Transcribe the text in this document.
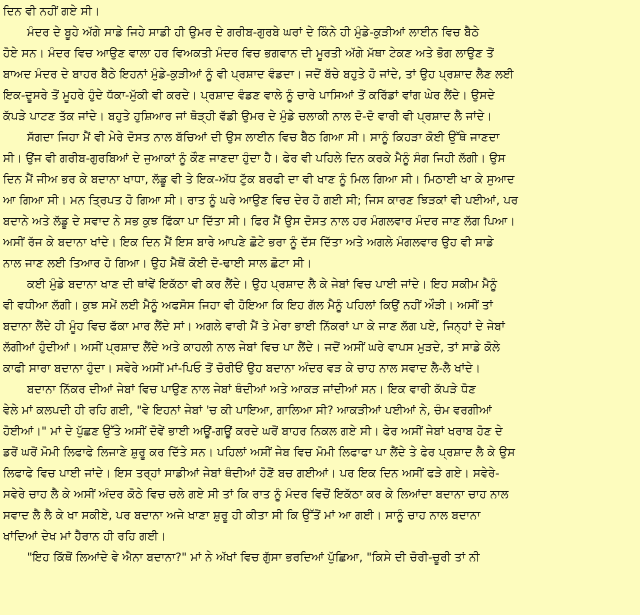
ਦਿਨ ਵੀ ਨਹੀਂ ਗਏ ਸੀ।
ਮੰਦਰ ਦੇ ਬੂਹੇ ਅੱਗੇ ਸਾਡੇ ਜਿਹੇ ਸਾਡੀ ਹੀ ਉਮਰ ਦੇ ਗਰੀਬ-ਗੁਰਬੇ ਘਰਾਂ ਦੇ ਕਿੰਨੇ ਹੀ ਮੁੰਡੇ-ਕੁੜੀਆਂ ਲਾਈਨ ਵਿਚ ਬੈਠੇ
ਹੋਏ ਸਨ। ਮੰਦਰ ਵਿਚ ਆਉਣ ਵਾਲਾ ਹਰ ਵਿਅਕਤੀ ਮੰਦਰ ਵਿਚ ਭਗਵਾਨ ਦੀ ਮੂਰਤੀ ਅੱਗੇ ਮੱਥਾ ਟੇਕਣ ਅਤੇ ਭੋਗ ਲਾਉਣ ਤੋਂ
ਬਾਅਦ ਮੰਦਰ ਦੇ ਬਾਹਰ ਬੈਠੇ ਇਹਨਾਂ ਮੁੰਡੇ-ਕੁੜੀਆਂ ਨੂੰ ਵੀ ਪ੍ਰਸ਼ਾਦ ਵੰਡਦਾ। ਜਦੋਂ ਬੱਚੇ ਬਹੁਤੇ ਹੋ ਜਾਂਦੇ, ਤਾਂ ਉਹ ਪ੍ਰਸ਼ਾਦ ਲੈਣ ਲਈ
ਇਕ-ਦੂਸਰੇ ਤੋਂ ਮੂਹਰੇ ਹੁੰਦੇ ਧੱਕਾ-ਮੁੱਕੀ ਵੀ ਕਰਦੇ। ਪ੍ਰਸ਼ਾਦ ਵੰਡਣ ਵਾਲੇ ਨੂੰ ਚਾਰੇ ਪਾਸਿਆਂ ਤੋਂ ਕਰਿੱਡਾਂ ਵਾਂਗ ਘੇਰ ਲੈਂਦੇ। ਉਸਦੇ
ਕੱਪੜੇ ਪਾਟਣ ਤੱਕ ਜਾਂਦੇ। ਬਹੁਤੇ ਹੁਸ਼ਿਆਰ ਜਾਂ ਥੋੜ੍ਹੀ ਵੱਡੀ ਉਮਰ ਦੇ ਮੁੰਡੇ ਚਲਾਕੀ ਨਾਲ ਦੋ-ਦੋ ਵਾਰੀ ਵੀ ਪ੍ਰਸ਼ਾਦ ਲੈ ਜਾਂਦੇ।
ਸੱਗਦਾ ਜਿਹਾ ਮੈਂ ਵੀ ਮੇਰੇ ਦੋਸਤ ਨਾਲ ਬੱਚਿਆਂ ਦੀ ਉਸ ਲਾਈਨ ਵਿਚ ਬੈਠ ਗਿਆ ਸੀ। ਸਾਨੂੰ ਕਿਹੜਾ ਕੋਈ ਉੱਥੇ ਜਾਣਦਾ
ਸੀ। ਉਂਜ ਵੀ ਗਰੀਬ-ਗੁਰਬਿਆਂ ਦੇ ਜੁਆਕਾਂ ਨੂੰ ਕੌਣ ਜਾਣਦਾ ਹੁੰਦਾ ਹੈ। ਫੇਰ ਵੀ ਪਹਿਲੇ ਦਿਨ ਕਰਕੇ ਮੈਨੂੰ ਸੰਗ ਜਿਹੀ ਲੱਗੀ। ਉਸ
ਦਿਨ ਮੈਂ ਜੀਅ ਭਰ ਕੇ ਬਦਾਨਾ ਖਾਧਾ, ਲੱਡੂ ਵੀ ਤੇ ਇਕ-ਅੱਧ ਟੁੱਕ ਬਰਫੀ ਦਾ ਵੀ ਖਾਣ ਨੂੰ ਮਿਲ ਗਿਆ ਸੀ। ਮਿਠਾਈ ਖਾ ਕੇ ਸੁਆਦ
ਆ ਗਿਆ ਸੀ। ਮਨ ਤ੍ਰਿਪਤ ਹੋ ਗਿਆ ਸੀ। ਰਾਤ ਨੂੰ ਘਰੇ ਆਉਣ ਵਿਚ ਦੇਰ ਹੋ ਗਈ ਸੀ; ਜਿਸ ਕਾਰਣ ਝਿੜਕਾਂ ਵੀ ਪਈਆਂ, ਪਰ
ਬਦਾਨੇ ਅਤੇ ਲੱਡੂ ਦੇ ਸਵਾਦ ਨੇ ਸਭ ਕੁਝ ਫਿੱਕਾ ਪਾ ਦਿੱਤਾ ਸੀ। ਫਿਰ ਮੈਂ ਉਸ ਦੋਸਤ ਨਾਲ ਹਰ ਮੰਗਲਵਾਰ ਮੰਦਰ ਜਾਣ ਲੱਗ ਪਿਆ।
ਅਸੀਂ ਰੱਜ ਕੇ ਬਦਾਨਾ ਖਾਂਦੇ। ਇਕ ਦਿਨ ਮੈਂ ਇਸ ਬਾਰੇ ਆਪਣੇ ਛੋਟੇ ਭਰਾ ਨੂੰ ਦੱਸ ਦਿੱਤਾ ਅਤੇ ਅਗਲੇ ਮੰਗਲਵਾਰ ਉਹ ਵੀ ਸਾਡੇ
ਨਾਲ ਜਾਣ ਲਈ ਤਿਆਰ ਹੋ ਗਿਆ। ਉਹ ਮੈਥੋਂ ਕੋਈ ਦੋ-ਢਾਈ ਸਾਲ ਛੋਟਾ ਸੀ।
ਕਈ ਮੁੰਡੇ ਬਦਾਨਾ ਖਾਣ ਦੀ ਥਾਂਵੇਂ ਇਕੱਠਾ ਵੀ ਕਰ ਲੈਂਦੇ। ਉਹ ਪ੍ਰਸ਼ਾਦ ਲੈ ਕੇ ਜੇਬਾਂ ਵਿਚ ਪਾਈ ਜਾਂਦੇ। ਇਹ ਸਕੀਮ ਮੈਨੂੰ
ਵੀ ਵਧੀਆ ਲੱਗੀ। ਕੁਝ ਸਮੇਂ ਲਈ ਮੈਨੂੰ ਅਫਸੋਸ ਜਿਹਾ ਵੀ ਹੋਇਆ ਕਿ ਇਹ ਗੱਲ ਮੈਨੂੰ ਪਹਿਲਾਂ ਕਿਉਂ ਨਹੀਂ ਔੜੀ। ਅਸੀਂ ਤਾਂ
ਬਦਾਨਾ ਲੈਂਦੇ ਹੀ ਮੂੰਹ ਵਿਚ ਫੱਕਾ ਮਾਰ ਲੈਂਦੇ ਸਾਂ। ਅਗਲੇ ਵਾਰੀ ਮੈਂ ਤੇ ਮੇਰਾ ਭਾਈ ਨਿੱਕਰਾਂ ਪਾ ਕੇ ਜਾਣ ਲੱਗ ਪਏ, ਜਿਨ੍ਹਾਂ ਦੇ ਜੇਬਾਂ
ਲੱਗੀਆਂ ਹੁੰਦੀਆਂ। ਅਸੀਂ ਪ੍ਰਸ਼ਾਦ ਲੈਂਦੇ ਅਤੇ ਕਾਹਲੀ ਨਾਲ ਜੇਬਾਂ ਵਿਚ ਪਾ ਲੈਂਦੇ। ਜਦੋਂ ਅਸੀਂ ਘਰੇ ਵਾਪਸ ਮੁੜਦੇ, ਤਾਂ ਸਾਡੇ ਕੋਲੇ
ਕਾਫੀ ਸਾਰਾ ਬਦਾਨਾ ਹੁੰਦਾ। ਸਵੇਰੇ ਅਸੀਂ ਮਾਂ-ਪਿਓ ਤੋਂ ਚੋਰੀਓਂ ਉਹ ਬਦਾਨਾ ਅੰਦਰ ਵੜ ਕੇ ਚਾਹ ਨਾਲ ਸਵਾਦ ਲੈ-ਲੈ ਖਾਂਦੇ।
ਬਦਾਨਾ ਨਿੱਕਰ ਦੀਆਂ ਜੇਬਾਂ ਵਿਚ ਪਾਉਣ ਨਾਲ ਜੇਬਾਂ ਥੰਦੀਆਂ ਅਤੇ ਆਕੜ ਜਾਂਦੀਆਂ ਸਨ। ਇਕ ਵਾਰੀ ਕੱਪੜੇ ਧੋਣ
ਵੇਲੇ ਮਾਂ ਕਲਪਦੀ ਹੀ ਰਹਿ ਗਈ, "ਵੇ ਇਹਨਾਂ ਜੇਬਾਂ 'ਚ ਕੀ ਪਾਇਆ, ਗਾਲਿਆ ਸੀ? ਆਕੜੀਆਂ ਪਈਆਂ ਨੇ, ਚੰਮ ਵਰਗੀਆਂ
ਹੋਈਆਂ।" ਮਾਂ ਦੇ ਪੁੱਛਣ ਉੱਤੇ ਅਸੀਂ ਦੋਵੇਂ ਭਾਈ ਅਊਂ-ਗਊਂ ਕਰਦੇ ਘਰੋਂ ਬਾਹਰ ਨਿਕਲ ਗਏ ਸੀ। ਫੇਰ ਅਸੀਂ ਜੇਬਾਂ ਖਰਾਬ ਹੋਣ ਦੇ
ਡਰੋਂ ਘਰੋਂ ਮੋਮੀ ਲਿਫਾਫੇ ਲਿਜਾਣੇ ਸ਼ੁਰੂ ਕਰ ਦਿੱਤੇ ਸਨ। ਪਹਿਲਾਂ ਅਸੀਂ ਜੇਬ ਵਿਚ ਮੋਮੀ ਲਿਫਾਫਾ ਪਾ ਲੈਂਦੇ ਤੇ ਫੇਰ ਪ੍ਰਸ਼ਾਦ ਲੈ ਕੇ ਉਸ
ਲਿਫਾਫੇ ਵਿਚ ਪਾਈ ਜਾਂਦੇ। ਇਸ ਤਰ੍ਹਾਂ ਸਾਡੀਆਂ ਜੇਬਾਂ ਥੰਦੀਆਂ ਹੋਣੋਂ ਬਚ ਗਈਆਂ। ਪਰ ਇਕ ਦਿਨ ਅਸੀਂ ਫੜੇ ਗਏ। ਸਵੇਰੇ-
ਸਵੇਰੇ ਚਾਹ ਲੈ ਕੇ ਅਸੀਂ ਅੰਦਰ ਕੋਠੇ ਵਿਚ ਚਲੇ ਗਏ ਸੀ ਤਾਂ ਕਿ ਰਾਤ ਨੂੰ ਮੰਦਰ ਵਿਚੋਂ ਇਕੱਠਾ ਕਰ ਕੇ ਲਿਆਂਦਾ ਬਦਾਨਾ ਚਾਹ ਨਾਲ
ਸਵਾਦ ਲੈ ਲੈ ਕੇ ਖਾ ਸਕੀਏ, ਪਰ ਬਦਾਨਾ ਅਜੇ ਖਾਣਾ ਸ਼ੁਰੂ ਹੀ ਕੀਤਾ ਸੀ ਕਿ ਉੱਤੋਂ ਮਾਂ ਆ ਗਈ। ਸਾਨੂੰ ਚਾਹ ਨਾਲ ਬਦਾਨਾ
ਖਾਂਦਿਆਂ ਦੇਖ ਮਾਂ ਹੈਰਾਨ ਹੀ ਰਹਿ ਗਈ।
"ਇਹ ਕਿੱਥੋਂ ਲਿਆਂਦੇ ਵੇ ਐਨਾ ਬਦਾਨਾ?" ਮਾਂ ਨੇ ਅੱਖਾਂ ਵਿਚ ਗੁੱਸਾ ਭਰਦਿਆਂ ਪੁੱਛਿਆ, "ਕਿਸੇ ਦੀ ਚੋਰੀ-ਚੂਰੀ ਤਾਂ ਨੀ
